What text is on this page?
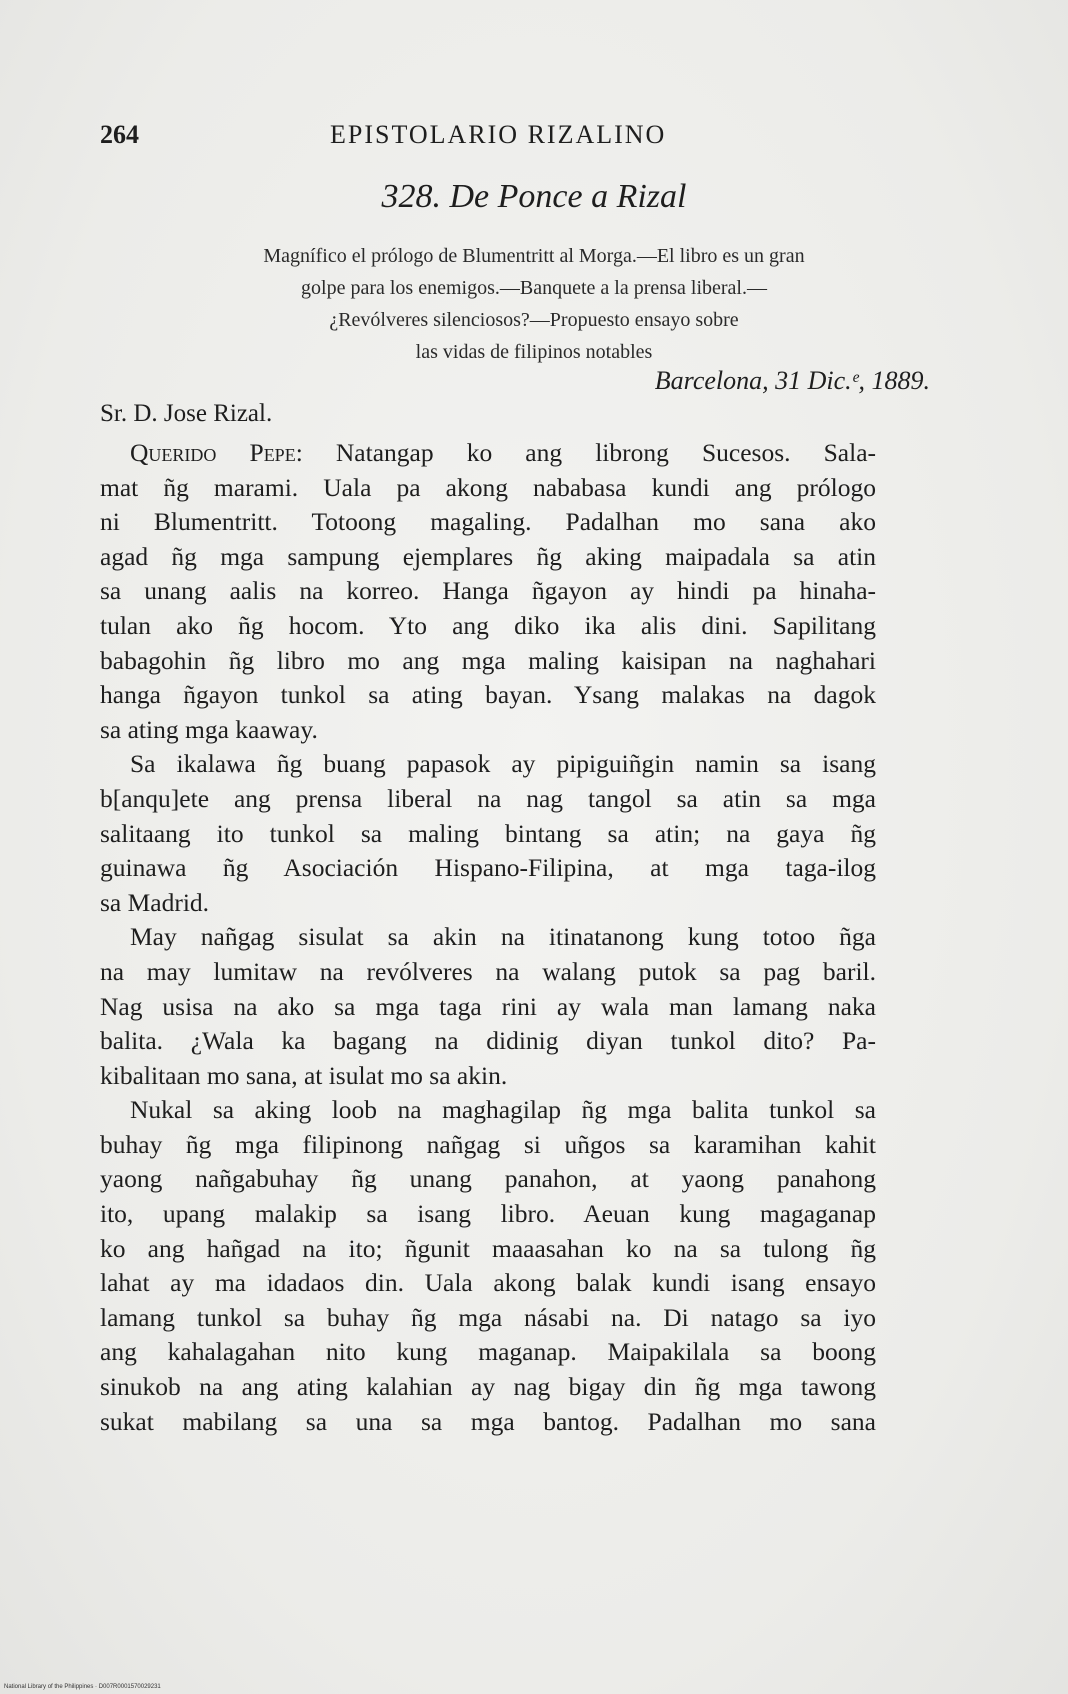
264	EPISTOLARIO RIZALINO
328. De Ponce a Rizal
Magnífico el prólogo de Blumentritt al Morga.—El libro es un gran
golpe para los enemigos.—Banquete a la prensa liberal.—
¿Revólveres silenciosos?—Propuesto ensayo sobre
las vidas de filipinos notables
Barcelona, 31 Dic.ᵉ, 1889.
Sr. D. Jose Rizal.
Querido Pepe: Natangap ko ang librong Sucesos. Sala-
mat ñg marami. Uala pa akong nababasa kundi ang prólogo
ni Blumentritt. Totoong magaling. Padalhan mo sana ako
agad ñg mga sampung ejemplares ñg aking maipadala sa atin
sa unang aalis na korreo. Hanga ñgayon ay hindi pa hinaha-
tulan ako ñg hocom. Yto ang diko ika alis dini. Sapilitang
babagohin ñg libro mo ang mga maling kaisipan na naghahari
hanga ñgayon tunkol sa ating bayan. Ysang malakas na dagok
sa ating mga kaaway.
Sa ikalawa ñg buang papasok ay pipiguiñgin namin sa isang
b[anqu]ete ang prensa liberal na nag tangol sa atin sa mga
salitaang ito tunkol sa maling bintang sa atin; na gaya ñg
guinawa ñg Asociación Hispano-Filipina, at mga taga-ilog
sa Madrid.
May nañgag sisulat sa akin na itinatanong kung totoo ñga
na may lumitaw na revólveres na walang putok sa pag baril.
Nag usisa na ako sa mga taga rini ay wala man lamang naka
balita. ¿Wala ka bagang na didinig diyan tunkol dito? Pa-
kibalitaan mo sana, at isulat mo sa akin.
Nukal sa aking loob na maghagilap ñg mga balita tunkol sa
buhay ñg mga filipinong nañgag si uñgos sa karamihan kahit
yaong nañgabuhay ñg unang panahon, at yaong panahong
ito, upang malakip sa isang libro. Aeuan kung magaganap
ko ang hañgad na ito; ñgunit maaasahan ko na sa tulong ñg
lahat ay ma idadaos din. Uala akong balak kundi isang ensayo
lamang tunkol sa buhay ñg mga násabi na. Di natago sa iyo
ang kahalagahan nito kung maganap. Maipakilala sa boong
sinukob na ang ating kalahian ay nag bigay din ñg mga tawong
sukat mabilang sa una sa mga bantog. Padalhan mo sana
National Library of the Philippines · D007R0001570029231
